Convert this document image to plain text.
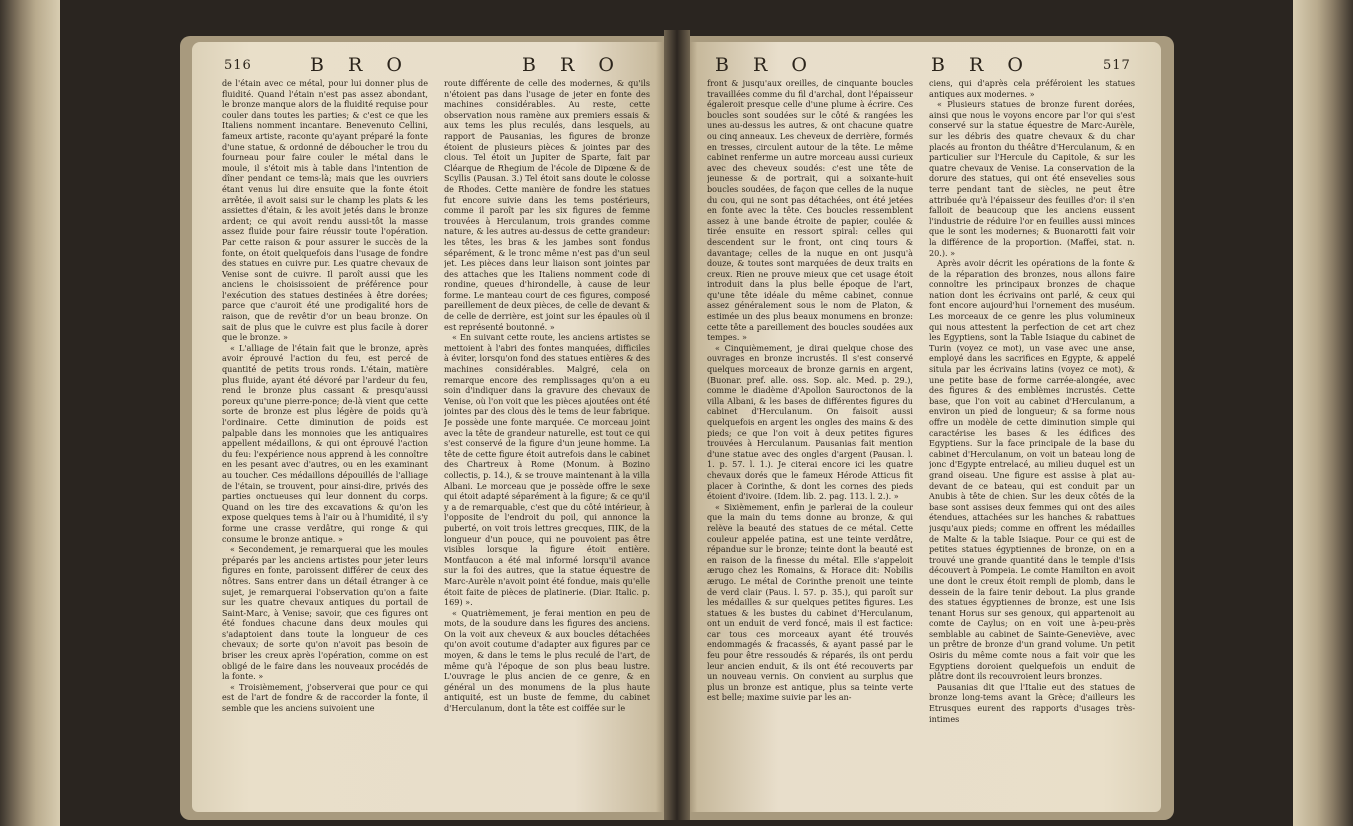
516	B R O	B R O

de l'étain avec ce métal, pour lui donner plus de fluidité. Quand l'étain n'est pas assez abondant, le bronze manque alors de la fluidité requise pour couler dans toutes les parties; & c'est ce que les Italiens nomment incantare. Benevenuto Cellini, fameux artiste, raconte qu'ayant préparé la fonte d'une statue, & ordonné de déboucher le trou du fourneau pour faire couler le métal dans le moule, il s'étoit mis à table dans l'intention de dîner pendant ce tems-là; mais que les ouvriers étant venus lui dire ensuite que la fonte étoit arrêtée, il avoit saisi sur le champ les plats & les assiettes d'étain, & les avoit jetés dans le bronze ardent; ce qui avoit rendu aussi-tôt la masse assez fluide pour faire réussir toute l'opération. Par cette raison & pour assurer le succès de la fonte, on étoit quelquefois dans l'usage de fondre des statues en cuivre pur. Les quatre chevaux de Venise sont de cuivre. Il paroît aussi que les anciens le choisissoient de préférence pour l'exécution des statues destinées à être dorées; parce que c'auroit été une prodigalité hors de raison, que de revêtir d'or un beau bronze. On sait de plus que le cuivre est plus facile à dorer que le bronze. »

« L'alliage de l'étain fait que le bronze, après avoir éprouvé l'action du feu, est percé de quantité de petits trous ronds. L'étain, matière plus fluide, ayant été dévoré par l'ardeur du feu, rend le bronze plus cassant & presqu'aussi poreux qu'une pierre-ponce; de-là vient que cette sorte de bronze est plus légère de poids qu'à l'ordinaire. Cette diminution de poids est palpable dans les monnoies que les antiquaires appellent médaillons, & qui ont éprouvé l'action du feu: l'expérience nous apprend à les connoître en les pesant avec d'autres, ou en les examinant au toucher. Ces médaillons dépouillés de l'alliage de l'étain, se trouvent, pour ainsi-dire, privés des parties onctueuses qui leur donnent du corps. Quand on les tire des excavations & qu'on les expose quelques tems à l'air ou à l'humidité, il s'y forme une crasse verdâtre, qui ronge & qui consume le bronze antique. »

« Secondement, je remarquerai que les moules préparés par les anciens artistes pour jeter leurs figures en fonte, paroissent différer de ceux des nôtres. Sans entrer dans un détail étranger à ce sujet, je remarquerai l'observation qu'on a faite sur les quatre chevaux antiques du portail de Saint-Marc, à Venise; savoir, que ces figures ont été fondues chacune dans deux moules qui s'adaptoient dans toute la longueur de ces chevaux; de sorte qu'on n'avoit pas besoin de briser les creux après l'opération, comme on est obligé de le faire dans les nouveaux procédés de la fonte. »

« Troisièmement, j'observerai que pour ce qui est de l'art de fondre & de raccorder la fonte, il semble que les anciens suivoient une

route différente de celle des modernes, & qu'ils n'étoient pas dans l'usage de jeter en fonte des machines considérables. Au reste, cette observation nous ramène aux premiers essais & aux tems les plus reculés, dans lesquels, au rapport de Pausanias, les figures de bronze étoient de plusieurs pièces & jointes par des clous. Tel étoit un Jupiter de Sparte, fait par Cléarque de Rhegium de l'école de Dipœne & de Scyllis (Pausan. 3.) Tel étoit sans doute le colosse de Rhodes. Cette manière de fondre les statues fut encore suivie dans les tems postérieurs, comme il paroît par les six figures de femme trouvées à Herculanum, trois grandes comme nature, & les autres au-dessus de cette grandeur: les têtes, les bras & les jambes sont fondus séparément, & le tronc même n'est pas d'un seul jet. Les pièces dans leur liaison sont jointes par des attaches que les Italiens nomment code di rondine, queues d'hirondelle, à cause de leur forme. Le manteau court de ces figures, composé pareillement de deux pièces, de celle de devant & de celle de derrière, est joint sur les épaules où il est représenté boutonné. »

« En suivant cette route, les anciens artistes se mettoient à l'abri des fontes manquées, difficiles à éviter, lorsqu'on fond des statues entières & des machines considérables. Malgré, cela on remarque encore des remplissages qu'on a eu soin d'indiquer dans la gravure des chevaux de Venise, où l'on voit que les pièces ajoutées ont été jointes par des clous dès le tems de leur fabrique. Je possède une fonte marquée. Ce morceau joint avec la tête de grandeur naturelle, est tout ce qui s'est conservé de la figure d'un jeune homme. La tête de cette figure étoit autrefois dans le cabinet des Chartreux à Rome (Monum. à Bozino collectis, p. 14.), & se trouve maintenant à la villa Albani. Le morceau que je possède offre le sexe qui étoit adapté séparément à la figure; & ce qu'il y a de remarquable, c'est que du côté intérieur, à l'opposite de l'endroit du poil, qui annonce la puberté, on voit trois lettres grecques, ΠΙΚ, de la longueur d'un pouce, qui ne pouvoient pas être visibles lorsque la figure étoit entière. Montfaucon a été mal informé lorsqu'il avance sur la foi des autres, que la statue équestre de Marc-Aurèle n'avoit point été fondue, mais qu'elle étoit faite de pièces de platinerie. (Diar. Italic. p. 169) ».

« Quatrièmement, je ferai mention en peu de mots, de la soudure dans les figures des anciens. On la voit aux cheveux & aux boucles détachées qu'on avoit coutume d'adapter aux figures par ce moyen, & dans le tems le plus reculé de l'art, de même qu'à l'époque de son plus beau lustre. L'ouvrage le plus ancien de ce genre, & en général un des monumens de la plus haute antiquité, est un buste de femme, du cabinet d'Herculanum, dont la tête est coiffée sur le

B R O	B R O	517

front & jusqu'aux oreilles, de cinquante boucles travaillées comme du fil d'archal, dont l'épaisseur égaleroit presque celle d'une plume à écrire. Ces boucles sont soudées sur le côté & rangées les unes au-dessus les autres, & ont chacune quatre ou cinq anneaux. Les cheveux de derrière, formés en tresses, circulent autour de la tête. Le même cabinet renferme un autre morceau aussi curieux avec des cheveux soudés: c'est une tête de jeunesse & de portrait, qui a soixante-huit boucles soudées, de façon que celles de la nuque du cou, qui ne sont pas détachées, ont été jetées en fonte avec la tête. Ces boucles ressemblent assez à une bande étroite de papier, coulée & tirée ensuite en ressort spiral: celles qui descendent sur le front, ont cinq tours & davantage; celles de la nuque en ont jusqu'à douze, & toutes sont marquées de deux traits en creux. Rien ne prouve mieux que cet usage étoit introduit dans la plus belle époque de l'art, qu'une tête idéale du même cabinet, connue assez généralement sous le nom de Platon, & estimée un des plus beaux monumens en bronze: cette tête a pareillement des boucles soudées aux tempes. »

« Cinquièmement, je dirai quelque chose des ouvrages en bronze incrustés. Il s'est conservé quelques morceaux de bronze garnis en argent, (Buonar. pref. alle. oss. Sop. alc. Med. p. 29.), comme le diadème d'Apollon Sauroctonos de la villa Albani, & les bases de différentes figures du cabinet d'Herculanum. On faisoit aussi quelquefois en argent les ongles des mains & des pieds; ce que l'on voit à deux petites figures trouvées à Herculanum. Pausanias fait mention d'une statue avec des ongles d'argent (Pausan. l. 1. p. 57. l. 1.). Je citerai encore ici les quatre chevaux dorés que le fameux Hérode Atticus fit placer à Corinthe, & dont les cornes des pieds étoient d'ivoire. (Idem. lib. 2. pag. 113. l. 2.). »

« Sixièmement, enfin je parlerai de la couleur que la main du tems donne au bronze, & qui relève la beauté des statues de ce métal. Cette couleur appelée patina, est une teinte verdâtre, répandue sur le bronze; teinte dont la beauté est en raison de la finesse du métal. Elle s'appeloit ærugo chez les Romains, & Horace dit: Nobilis ærugo. Le métal de Corinthe prenoit une teinte de verd clair (Paus. l. 57. p. 35.), qui paroît sur les médailles & sur quelques petites figures. Les statues & les bustes du cabinet d'Herculanum, ont un enduit de verd foncé, mais il est factice: car tous ces morceaux ayant été trouvés endommagés & fracassés, & ayant passé par le feu pour être ressoudés & réparés, ils ont perdu leur ancien enduit, & ils ont été recouverts par un nouveau vernis. On convient au surplus que plus un bronze est antique, plus sa teinte verte est belle; maxime suivie par les an-

ciens, qui d'après cela préféroient les statues antiques aux modernes. »

« Plusieurs statues de bronze furent dorées, ainsi que nous le voyons encore par l'or qui s'est conservé sur la statue équestre de Marc-Aurèle, sur les débris des quatre chevaux & du char placés au fronton du théâtre d'Herculanum, & en particulier sur l'Hercule du Capitole, & sur les quatre chevaux de Venise. La conservation de la dorure des statues, qui ont été ensevelies sous terre pendant tant de siècles, ne peut être attribuée qu'à l'épaisseur des feuilles d'or: il s'en falloit de beaucoup que les anciens eussent l'industrie de réduire l'or en feuilles aussi minces que le sont les modernes; & Buonarotti fait voir la différence de la proportion. (Maffei, stat. n. 20.). »

Après avoir décrit les opérations de la fonte & de la réparation des bronzes, nous allons faire connoître les principaux bronzes de chaque nation dont les écrivains ont parlé, & ceux qui font encore aujourd'hui l'ornement des muséum. Les morceaux de ce genre les plus volumineux qui nous attestent la perfection de cet art chez les Egyptiens, sont la Table Isiaque du cabinet de Turin (voyez ce mot), un vase avec une anse, employé dans les sacrifices en Egypte, & appelé situla par les écrivains latins (voyez ce mot), & une petite base de forme carrée-alongée, avec des figures & des emblèmes incrustés. Cette base, que l'on voit au cabinet d'Herculanum, a environ un pied de longueur; & sa forme nous offre un modèle de cette diminution simple qui caractérise les bases & les édifices des Egyptiens. Sur la face principale de la base du cabinet d'Herculanum, on voit un bateau long de jonc d'Egypte entrelacé, au milieu duquel est un grand oiseau. Une figure est assise à plat au-devant de ce bateau, qui est conduit par un Anubis à tête de chien. Sur les deux côtés de la base sont assises deux femmes qui ont des ailes étendues, attachées sur les hanches & rabattues jusqu'aux pieds; comme en offrent les médailles de Malte & la table Isiaque. Pour ce qui est de petites statues égyptiennes de bronze, on en a trouvé une grande quantité dans le temple d'Isis découvert à Pompeia. Le comte Hamilton en avoit une dont le creux étoit rempli de plomb, dans le dessein de la faire tenir debout. La plus grande des statues égyptiennes de bronze, est une Isis tenant Horus sur ses genoux, qui appartenoit au comte de Caylus; on en voit une à-peu-près semblable au cabinet de Sainte-Geneviève, avec un prêtre de bronze d'un grand volume. Un petit Osiris du même comte nous a fait voir que les Egyptiens doroient quelquefois un enduit de plâtre dont ils recouvroient leurs bronzes.

Pausanias dit que l'Italie eut des statues de bronze long-tems avant la Grèce; d'ailleurs les Etrusques eurent des rapports d'usages très-intimes
